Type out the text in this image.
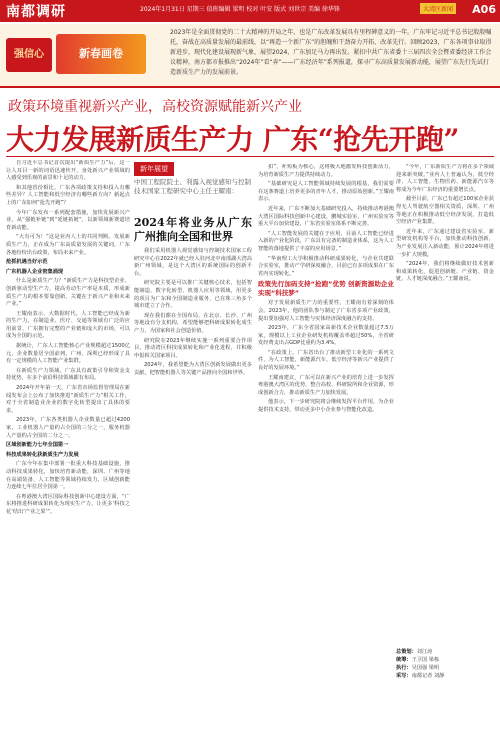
南都调研	2024年1月31日 星期三 值班编辑 梁明 校对 叶安 版式 刘世宗 美编 徐华锋	大湾区新闻 A06
强信心	新春画卷
2023年是全面贯彻党的二十大精神的开局之年，也是广东改革发展具有里程碑意义的一年。广东牢记习近平总书记殷殷嘱托，奋战在高质量发展的最前线，以“再造一个新广东”的胆魄和干劲奋力开拓、改革先行。回顾2023，广东各项事业取得新进步，现代化建设展现新气象，展望2024，广东加足马力再出发。紧扣中共广东省委十三届四次全会暨省委经济工作会议精神，南方都市报推出“2024年”看“奔”——广东经济年”系列报道，探寻广东高质量发展新动能，展望广东先行先试打造新质生产力的发展前景。
政策环境重视新兴产业，高校资源赋能新兴产业
大力发展新质生产力 广东“抢先开跑”

自习近平总书记首次提出“新质生产力”后，这一让人耳目一新的词语迅速传开，身处新兴产业领域的人感受到乐观的前景和十足的动力。

和其他省份相比，广东各项政策支持和投入有哪些差异？人工智能和低空经济有哪些新方向？新起点上的广东如何“抢先开跑”？

今年广东发布一系列配套措施，加快发展新兴产业，从“强链补链”到“延链拓链”，以新领域新赛道培育新动能。

“大有可为！”这是业内人士的共同判断。发展新质生产力，正在成为广东高质量发展的关键词，广东各地纷纷出台政策，布局未来产业。

抢抓机遇当好示范

广东机器人企业密集涌现

什么是新质生产力？“新质生产力是科技型企业、创新驱动型生产力，提高劳动生产率是本质，形成新质生产力的根本要靠创新，关键在于新兴产业和未来产业。”

王耀南表示，大数据时代，人工智能已经成为新的生产力，在制造业、医疗、交通等领域有广泛的应用前景，广东拥有完整的产业链和庞大的市场，可以成为全国的示范。

据统计，广东人工智能核心产业规模超过1500亿元，企业数量居全国前列，广州、深圳已经形成了具有一定规模的人工智能产业集群。

在新质生产力领域，广东具有政策引导和资金支持优势，在多个前沿科技领域都有布局。

2024年开年第一天，广东省市场监督管理局在新闻发布会上公布了加快推进“新质生产力”相关工作，对于全省制造业企业的数字化转型提出了具体的要求。

2023年，广东各类机器人企业数量已超过4200家，工业机器人产量约占全国的三分之一，服务机器人产量约占全国的二分之一。

区域创新能力七年全国第一

科技成果转化获新质生产力发展

广东今年在集中部署一批重大科技基础设施，推动科技成果转化，加快培育新动能，深圳、广州等地在高端装备、人工智能等领域持续发力，区域创新能力连续七年位居全国第一。

在粤港澳大湾区国际科技创新中心建设方面，“广东将推进科研成果转化为现实生产力，让更多‘科技之花’结出‘产业之果’”。

新年展望
中国工程院院士、利露入视觉感知与控制技术国家工程研究中心主任王耀南：
2024年将业务从广东广州推向全国和世界

我们采用机器人视觉感知与控制技术国家工程研究中心在2022年就已经入驻河北中南部湖大湾高新广州领域，是这个大湾区的系统国际的创新平台。

研究院主要是可以推广关键核心技术，包括智能制造、数字化转型、机器人应用等领域，用更多的项目为广东和全国制造业服务，已在珠三角多个城市建立了合作。

现在我们都在全国布局，在北京、长沙、广州等地设有分支机构，希望能够把科研成果转化成生产力，为国家和社会创造价值。

研究院在2023年继续实施一系列重要合作项目，推动湾区科技成果转化和产业化进程，并积极申报相关国家项目。

2024年，我希望能为大湾区创新发展做出更多贡献，把智能机器人等关键产品推向全国和世界。

扣”，补短板为核心，这将极大地激发科技创新活力，为培育新质生产力提供持续动力。

“基础研究是人工智能领域持续发展的根基，我们需要在这条赛道上培养更多的青年人才，推动原始创新。”王耀南表示。

近年来，广东不断加大基础研究投入，持续推动粤港澳大湾区国际科技创新中心建设，鹏城实验室、广州实验室等重大平台加快建设，广东省实验室体系不断完善。

“人工智能发展的关键在于应用，目前人工智能已经进入新的产业化阶段，广东具有完备的制造业体系，这为人工智能的落地提供了丰富的应用场景。”

“华南理工大学积极推动科研成果转化，与企业共建联合实验室，推动产学研深度融合，目前已有多项成果在广东省内实现转化。”

政策先行加码支持“抢跑”优势 创新资源助企业实现“科技梦”

对于发展新质生产力的重要性，王耀南有着深刻的体会。2023年，他的团队参与制定了广东省多项产业政策，提出要加强对人工智能与实体经济深度融合的支持。

2023年，广东全省国家高新技术企业数量超过7.5万家，规模以上工业企业研发机构覆盖率超过50%，全省研发经费支出占GDP比重约为3.4%。

“在政策上，广东省出台了推动新型工业化的一系列文件，为人工智能、新能源汽车、低空经济等新兴产业提供了良好的发展环境。”

王耀南建议，广东可以在新兴产业的培育上进一步发挥粤港澳大湾区的优势，整合高校、科研院所和企业资源，形成创新合力，推动新质生产力加快发展。

他表示，下一步研究院将会继续发挥平台作用，为企业提供技术支持，带动更多中小企业参与智能化改造。

“今年，广东新质生产力将在多个领域迎来新突破。”业内人士普遍认为，低空经济、人工智能、生物医药、新能源汽车等将成为今年广东经济的重要增长点。

截至目前，广东已有超过100家企业获得无人驾驶航空器相关资质，深圳、广州等地正在积极推动低空经济发展，打造低空经济产业集群。

近年来，广东通过建设省实验室、新型研发机构等平台，加快推动科技创新，为产业发展注入新动能，预计2024年将进一步扩大规模。

“2024年，我们将继续做好技术创新和成果转化，促进创新链、产业链、资金链、人才链深度融合。”王耀南说。

总策划：刘江涛
统筹：王卫国 梁栋
执行：吴国强 梁明
采写：南都记者 刘静
